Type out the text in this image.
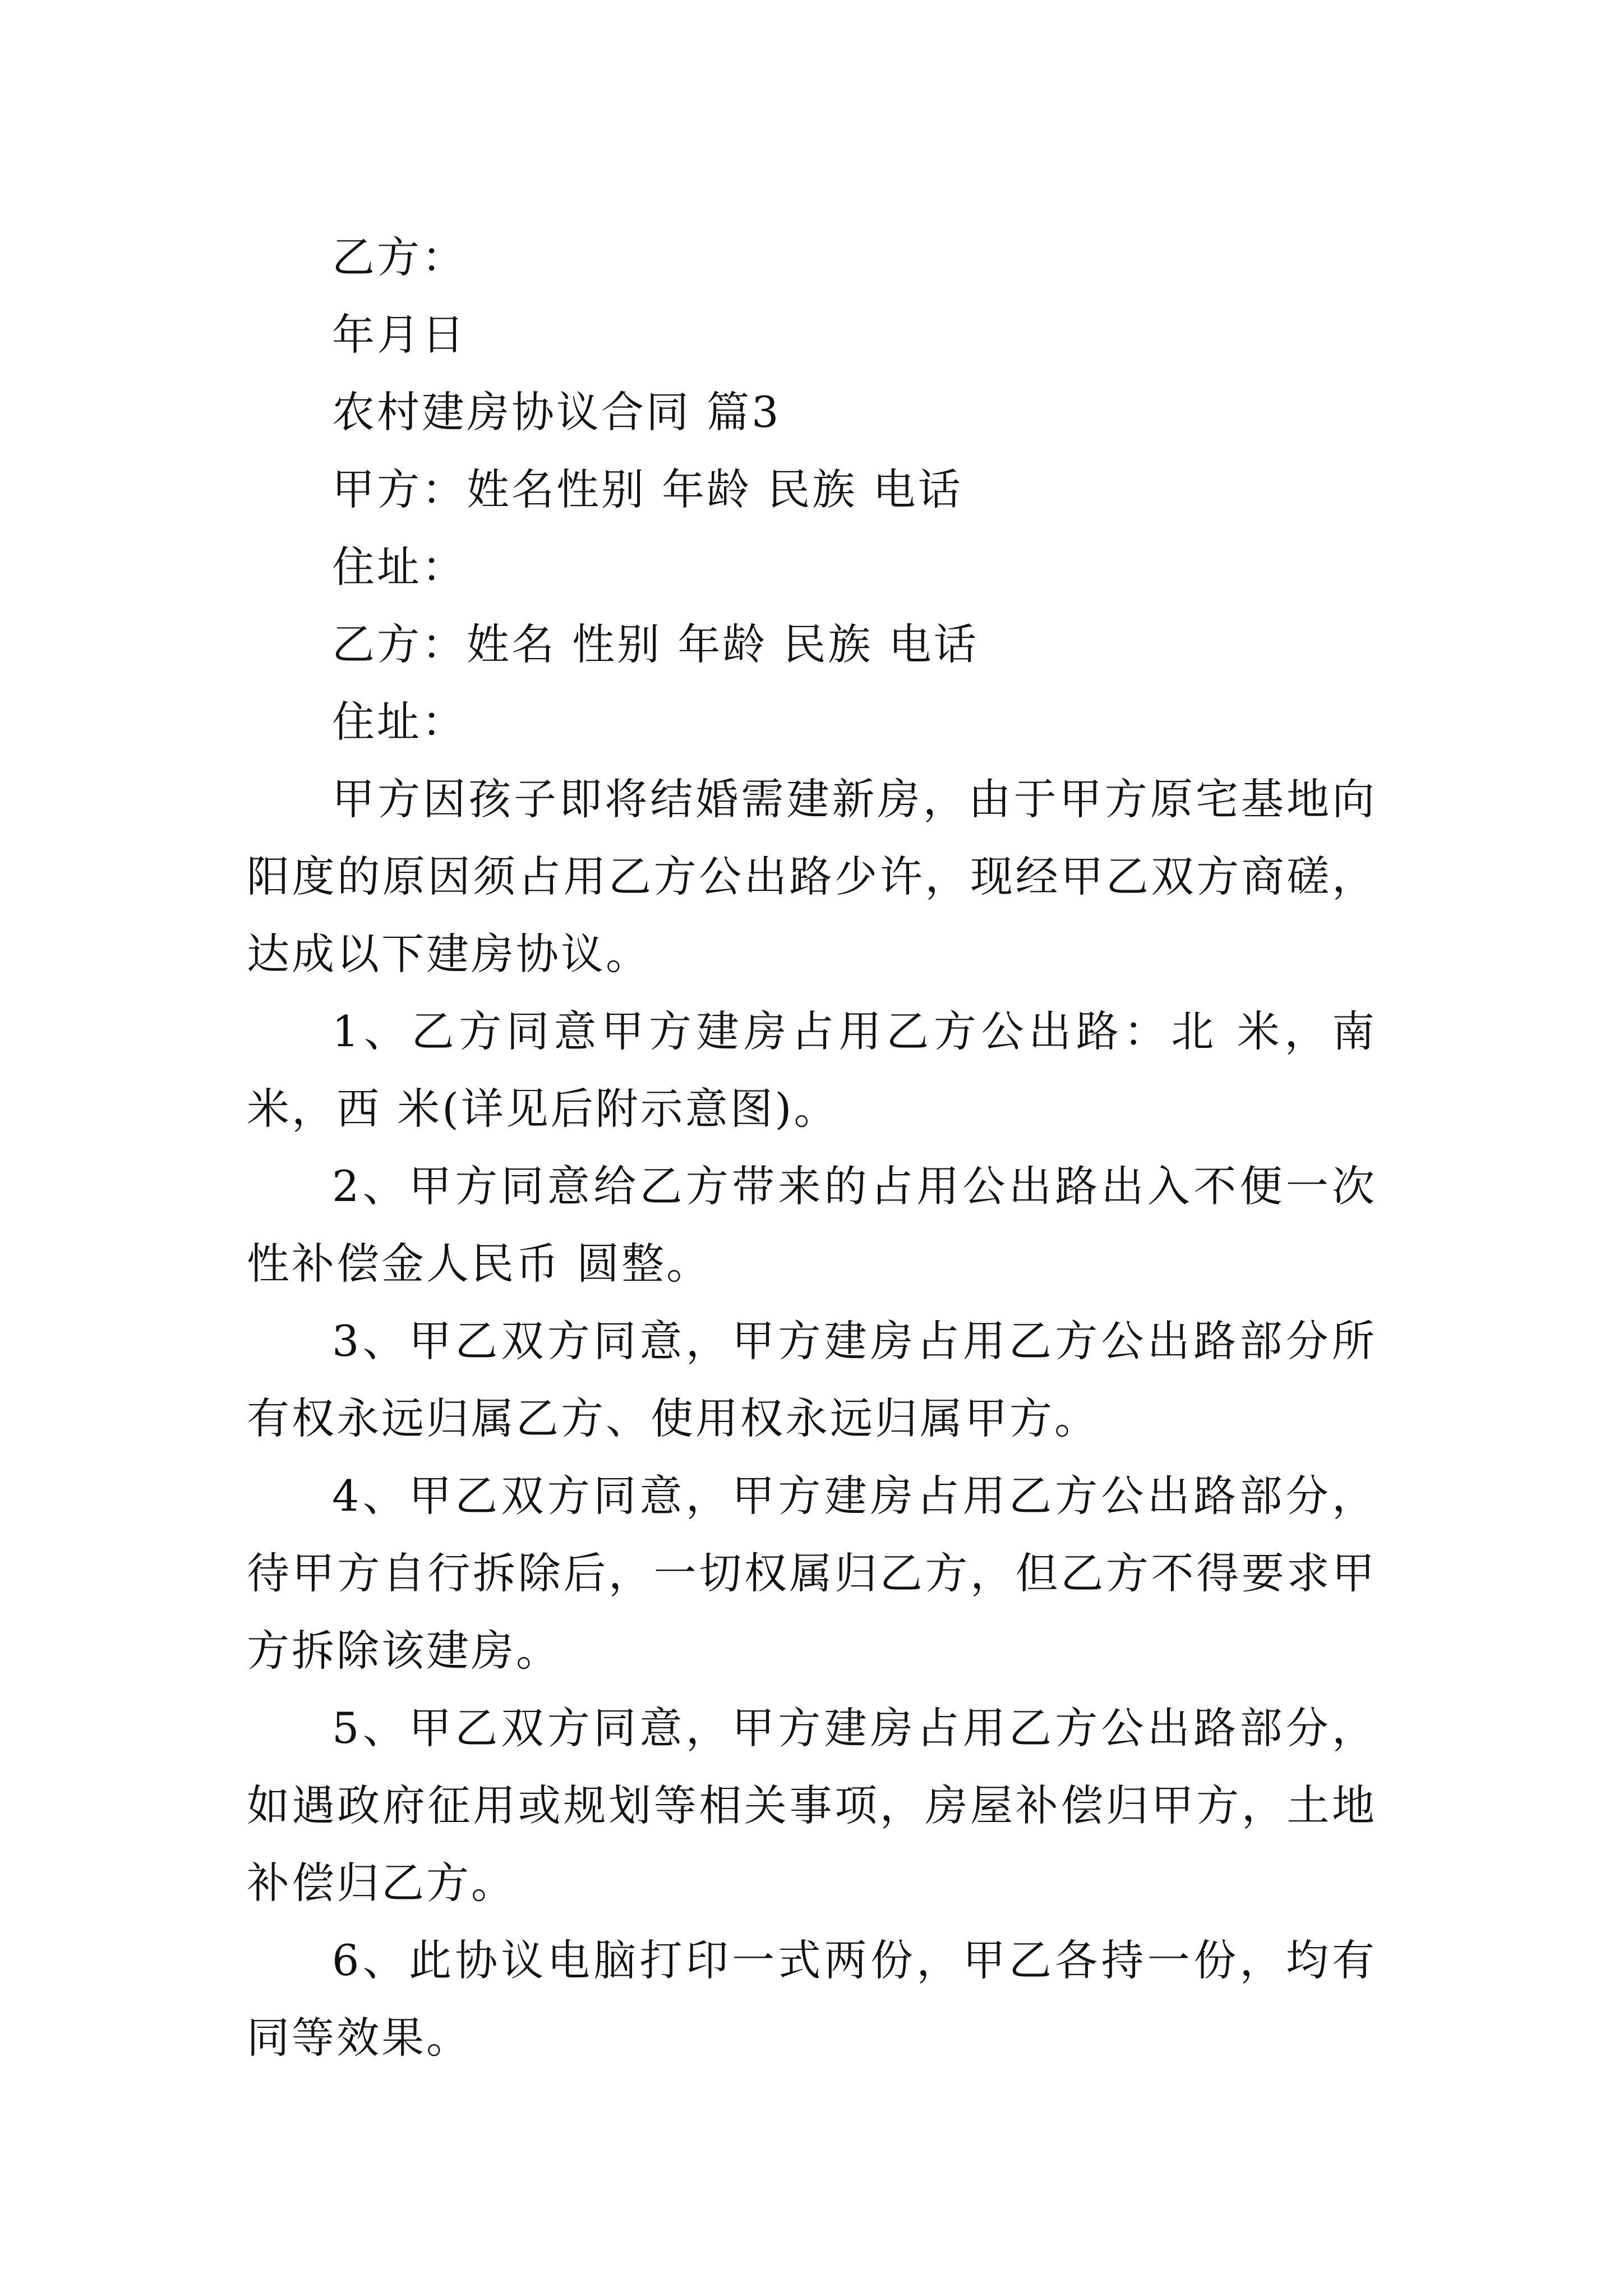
乙方：

年月日

农村建房协议合同 篇3

甲方：姓名性别 年龄 民族 电话

住址：

乙方：姓名 性别 年龄 民族 电话

住址：

甲方因孩子即将结婚需建新房，由于甲方原宅基地向阳度的原因须占用乙方公出路少许，现经甲乙双方商磋，达成以下建房协议。

1、乙方同意甲方建房占用乙方公出路：北 米，南 米，西 米(详见后附示意图)。

2、甲方同意给乙方带来的占用公出路出入不便一次性补偿金人民币 圆整。

3、甲乙双方同意，甲方建房占用乙方公出路部分所有权永远归属乙方、使用权永远归属甲方。

4、甲乙双方同意，甲方建房占用乙方公出路部分，待甲方自行拆除后，一切权属归乙方，但乙方不得要求甲方拆除该建房。

5、甲乙双方同意，甲方建房占用乙方公出路部分，如遇政府征用或规划等相关事项，房屋补偿归甲方，土地补偿归乙方。

6、此协议电脑打印一式两份，甲乙各持一份，均有同等效果。
